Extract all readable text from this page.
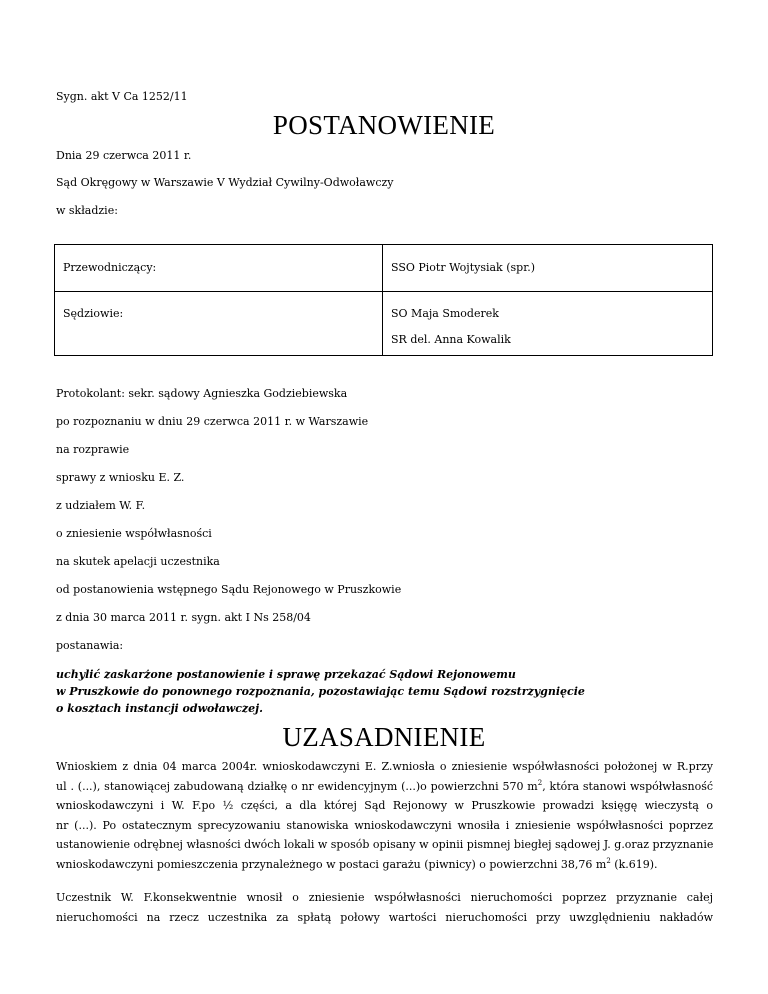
Sygn. akt V Ca 1252/11
POSTANOWIENIE
Dnia 29 czerwca 2011 r.
Sąd Okręgowy w Warszawie V Wydział Cywilny-Odwoławczy
w składzie:
Przewodniczący:	SSO Piotr Wojtysiak (spr.)
Sędziowie:	SO Maja Smoderek
SR del. Anna Kowalik
Protokolant: sekr. sądowy Agnieszka Godziebiewska
po rozpoznaniu w dniu 29 czerwca 2011 r. w Warszawie
na rozprawie
sprawy z wniosku E. Z.
z udziałem W. F.
o zniesienie współwłasności
na skutek apelacji uczestnika
od postanowienia wstępnego Sądu Rejonowego w Pruszkowie
z dnia 30 marca 2011 r. sygn. akt I Ns 258/04
postanawia:
uchylić zaskarżone postanowienie i sprawę przekazać Sądowi Rejonowemu
w Pruszkowie do ponownego rozpoznania, pozostawiając temu Sądowi rozstrzygnięcie
o kosztach instancji odwoławczej.
UZASADNIENIE
Wnioskiem z dnia 04 marca 2004r. wnioskodawczyni E. Z.wniosła o zniesienie współwłasności położonej w R.przy
ul . (...), stanowiącej zabudowaną działkę o nr ewidencyjnym (...)o powierzchni 570 $m^2$, która stanowi współwłasność
wnioskodawczyni i W. F.po ½ części, a dla której Sąd Rejonowy w Pruszkowie prowadzi księgę wieczystą o
nr (...). Po ostatecznym sprecyzowaniu stanowiska wnioskodawczyni wnosiła i zniesienie współwłasności poprzez
ustanowienie odrębnej własności dwóch lokali w sposób opisany w opinii pismnej biegłej sądowej J. g.oraz przyznanie
wnioskodawczyni pomieszczenia przynależnego w postaci garażu (piwnicy) o powierzchni 38,76 $m^2$ (k.619).
Uczestnik W. F.konsekwentnie wnosił o zniesienie współwłasności nieruchomości poprzez przyznanie całej
nieruchomości na rzecz uczestnika za spłatą połowy wartości nieruchomości przy uwzględnieniu nakładów
